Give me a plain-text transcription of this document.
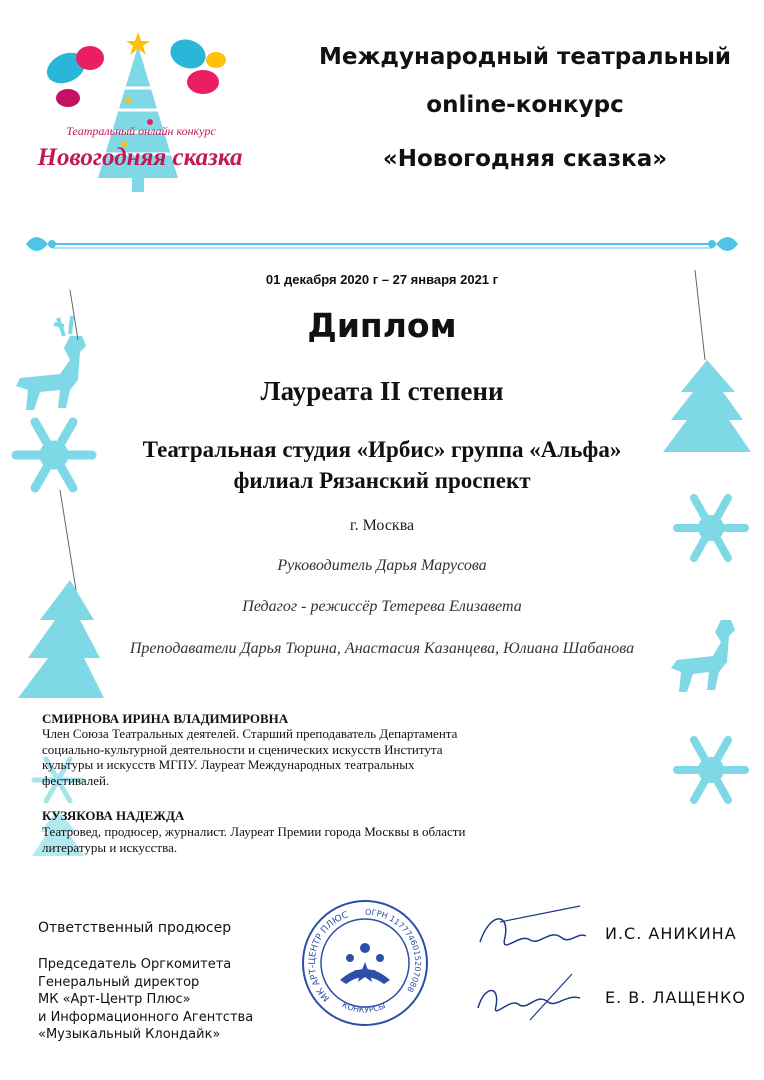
Театральный онлайн конкурс
Новогодняя сказка
Международный театральный
online-конкурс
«Новогодняя сказка»
01 декабря 2020 г – 27 января 2021 г
Диплом
Лауреата II степени
Театральная студия «Ирбис» группа «Альфа»
филиал Рязанский проспект
г. Москва
Руководитель Дарья Марусова
Педагог - режиссёр Тетерева Елизавета
Преподаватели Дарья Тюрина, Анастасия Казанцева, Юлиана Шабанова
СМИРНОВА ИРИНА ВЛАДИМИРОВНА
Член Союза Театральных деятелей. Старший преподаватель Департамента
социально-культурной деятельности и сценических искусств Института
культуры и искусств МГПУ. Лауреат Международных театральных
фестивалей.
КУЗЯКОВА НАДЕЖДА
Театровед, продюсер, журналист. Лауреат Премии города Москвы в области
литературы и искусства.
Ответственный продюсер
Председатель Оргкомитета
Генеральный директор
МК «Арт-Центр Плюс»
и Информационного Агентства
«Музыкальный Клондайк»
МК АРТ-ЦЕНТР ПЛЮС ОГРН 1177746015207088
КОНКУРСЫ
И.С. АНИКИНА
Е. В. ЛАЩЕНКО
